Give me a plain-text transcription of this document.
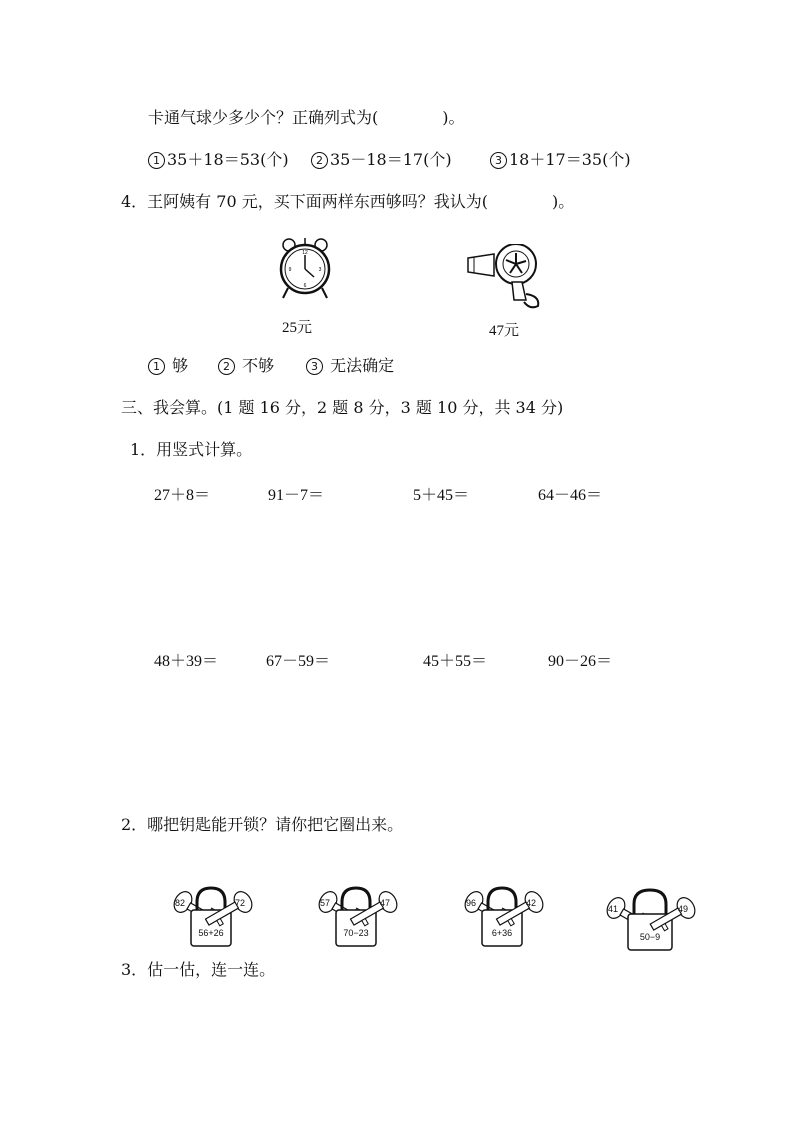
卡通气球少多少个？正确列式为(　　　　)。
1 35＋18＝53(个)	2 35－18＝17(个)	3 18＋17＝35(个)
4．王阿姨有 70 元，买下面两样东西够吗？我认为(　　　　)。
12
3
6
9
25元	47元
1 够	2 不够	3 无法确定
三、我会算。(1 题 16 分，2 题 8 分，3 题 10 分，共 34 分)
1．用竖式计算。
27＋8＝	91－7＝	5＋45＝	64－46＝
48＋39＝	67－59＝	45＋55＝	90－26＝
2．哪把钥匙能开锁？请你把它圈出来。
82
56+26
72	57
70−23
47	96
6+36
42
41
50−9
49
3．估一估，连一连。
